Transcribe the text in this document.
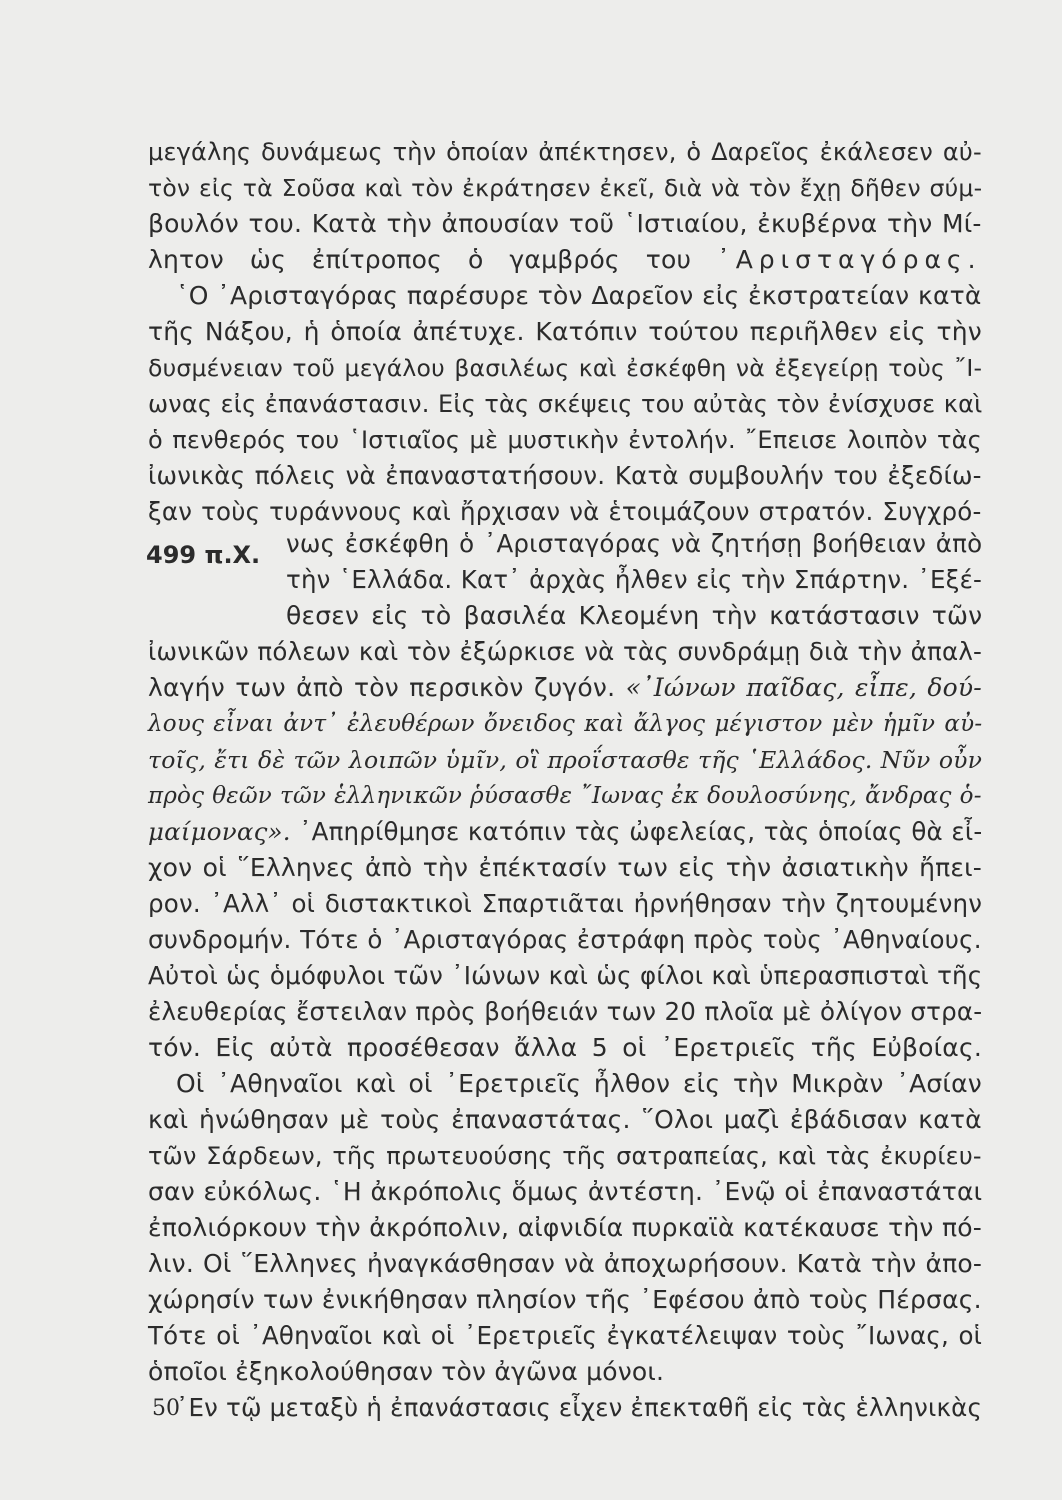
μεγάλης δυνάμεως τὴν ὁποίαν ἀπέκτησεν, ὁ Δαρεῖος ἐκάλεσεν αὐ-
τὸν εἰς τὰ Σοῦσα καὶ τὸν ἐκράτησεν ἐκεῖ, διὰ νὰ τὸν ἔχῃ δῆθεν σύμ-
βουλόν του. Κατὰ τὴν ἀπουσίαν τοῦ ῾Ιστιαίου, ἐκυβέρνα τὴν Μί-
λητον ὡς ἐπίτροπος ὁ γαμβρός του ᾿Αρισταγόρας.
῾Ο ᾿Αρισταγόρας παρέσυρε τὸν Δαρεῖον εἰς ἐκστρατείαν κατὰ
τῆς Νάξου, ἡ ὁποία ἀπέτυχε. Κατόπιν τούτου περιῆλθεν εἰς τὴν
δυσμένειαν τοῦ μεγάλου βασιλέως καὶ ἐσκέφθη νὰ ἐξεγείρῃ τοὺς ῎Ι-
ωνας εἰς ἐπανάστασιν. Εἰς τὰς σκέψεις του αὐτὰς τὸν ἐνίσχυσε καὶ
ὁ πενθερός του ῾Ιστιαῖος μὲ μυστικὴν ἐντολήν. ῎Επεισε λοιπὸν τὰς
ἰωνικὰς πόλεις νὰ ἐπαναστατήσουν. Κατὰ συμβουλήν του ἐξεδίω-
ξαν τοὺς τυράννους καὶ ἤρχισαν νὰ ἑτοιμάζουν στρατόν. Συγχρό-
νως ἐσκέφθη ὁ ᾿Αρισταγόρας νὰ ζητήσῃ βοήθειαν ἀπὸ
τὴν ῾Ελλάδα. Κατ᾿ ἀρχὰς ἦλθεν εἰς τὴν Σπάρτην. ᾿Εξέ-
θεσεν εἰς τὸ βασιλέα Κλεομένη τὴν κατάστασιν τῶν
ἰωνικῶν πόλεων καὶ τὸν ἐξώρκισε νὰ τὰς συνδράμῃ διὰ τὴν ἀπαλ-
λαγήν των ἀπὸ τὸν περσικὸν ζυγόν. «᾿Ιώνων παῖδας, εἶπε, δού-
λους εἶναι ἀντ᾿ ἐλευθέρων ὄνειδος καὶ ἄλγος μέγιστον μὲν ἡμῖν αὐ-
τοῖς, ἔτι δὲ τῶν λοιπῶν ὑμῖν, οἳ προΐστασθε τῆς ῾Ελλάδος. Νῦν οὖν
πρὸς θεῶν τῶν ἑλληνικῶν ῥύσασθε ῎Ιωνας ἐκ δουλοσύνης, ἄνδρας ὁ-
μαίμονας». ᾿Απηρίθμησε κατόπιν τὰς ὠφελείας, τὰς ὁποίας θὰ εἶ-
χον οἱ ῞Ελληνες ἀπὸ τὴν ἐπέκτασίν των εἰς τὴν ἀσιατικὴν ἤπει-
ρον. ᾿Αλλ᾿ οἱ διστακτικοὶ Σπαρτιᾶται ἠρνήθησαν τὴν ζητουμένην
συνδρομήν. Τότε ὁ ᾿Αρισταγόρας ἐστράφη πρὸς τοὺς ᾿Αθηναίους.
Αὐτοὶ ὡς ὁμόφυλοι τῶν ᾿Ιώνων καὶ ὡς φίλοι καὶ ὑπερασπισταὶ τῆς
ἐλευθερίας ἔστειλαν πρὸς βοήθειάν των 20 πλοῖα μὲ ὀλίγον στρα-
τόν. Εἰς αὐτὰ προσέθεσαν ἄλλα 5 οἱ ᾿Ερετριεῖς τῆς Εὐβοίας.
Οἱ ᾿Αθηναῖοι καὶ οἱ ᾿Ερετριεῖς ἦλθον εἰς τὴν Μικρὰν ᾿Ασίαν
καὶ ἡνώθησαν μὲ τοὺς ἐπαναστάτας. ῞Ολοι μαζὶ ἐβάδισαν κατὰ
τῶν Σάρδεων, τῆς πρωτευούσης τῆς σατραπείας, καὶ τὰς ἐκυρίευ-
σαν εὐκόλως. ῾Η ἀκρόπολις ὅμως ἀντέστη. ᾿Ενῷ οἱ ἐπαναστάται
ἐπολιόρκουν τὴν ἀκρόπολιν, αἰφνιδία πυρκαϊὰ κατέκαυσε τὴν πό-
λιν. Οἱ ῞Ελληνες ἠναγκάσθησαν νὰ ἀποχωρήσουν. Κατὰ τὴν ἀπο-
χώρησίν των ἐνικήθησαν πλησίον τῆς ᾿Εφέσου ἀπὸ τοὺς Πέρσας.
Τότε οἱ ᾿Αθηναῖοι καὶ οἱ ᾿Ερετριεῖς ἐγκατέλειψαν τοὺς ῎Ιωνας, οἱ
ὁποῖοι ἐξηκολούθησαν τὸν ἀγῶνα μόνοι.
᾿Εν τῷ μεταξὺ ἡ ἐπανάστασις εἶχεν ἐπεκταθῆ εἰς τὰς ἑλληνικὰς
499 π.Χ.
50
